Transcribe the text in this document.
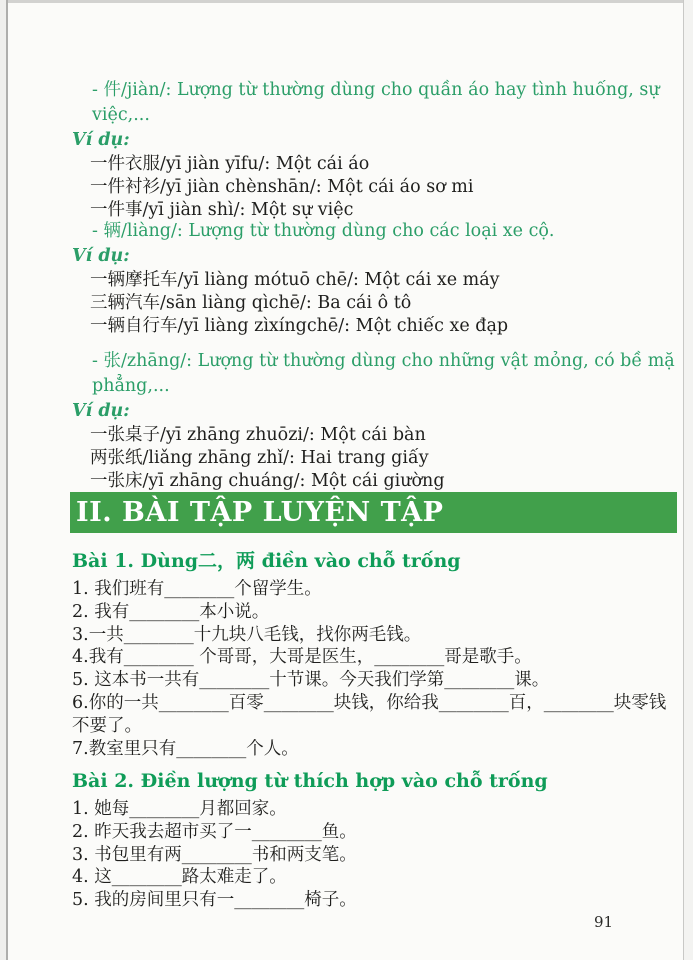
- 件/jiàn/: Lượng từ thường dùng cho quần áo hay tình huống, sự việc,...

Ví dụ:

一件衣服/yī jiàn yīfu/: Một cái áo

一件衬衫/yī jiàn chènshān/: Một cái áo sơ mi

一件事/yī jiàn shì/: Một sự việc

- 辆/liàng/: Lượng từ thường dùng cho các loại xe cộ.

Ví dụ:

一辆摩托车/yī liàng mótuō chē/: Một cái xe máy

三辆汽车/sān liàng qìchē/: Ba cái ô tô

一辆自行车/yī liàng zìxíngchē/: Một chiếc xe đạp

- 张/zhāng/: Lượng từ thường dùng cho những vật mỏng, có bề mặ phẳng,...

Ví dụ:

一张桌子/yī zhāng zhuōzi/: Một cái bàn

两张纸/liǎng zhāng zhǐ/: Hai trang giấy

一张床/yī zhāng chuáng/: Một cái giường

II. BÀI TẬP LUYỆN TẬP

Bài 1. Dùng二，两 điền vào chỗ trống

1. 我们班有________个留学生。

2. 我有________本小说。

3.一共________十九块八毛钱，找你两毛钱。

4.我有________ 个哥哥，大哥是医生，________哥是歌手。

5. 这本书一共有________十节课。今天我们学第________课。

6.你的一共________百零________块钱，你给我________百，________块零钱不要了。

7.教室里只有________个人。

Bài 2. Điền lượng từ thích hợp vào chỗ trống

1. 她每________月都回家。

2. 昨天我去超市买了一________鱼。

3. 书包里有两________书和两支笔。

4. 这________路太难走了。

5. 我的房间里只有一________椅子。

91
